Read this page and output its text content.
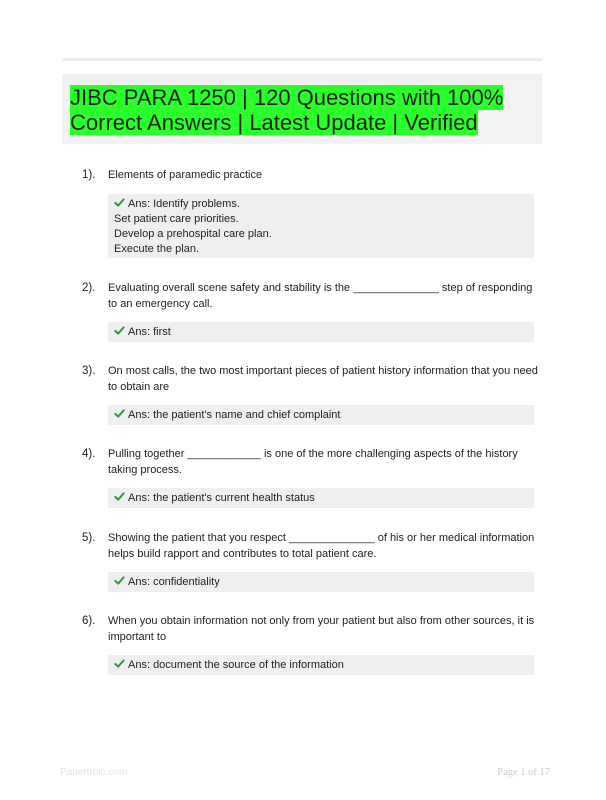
JIBC PARA 1250 | 120 Questions with 100% Correct Answers | Latest Update | Verified
1). Elements of paramedic practice
Ans: Identify problems.
Set patient care priorities.
Develop a prehospital care plan.
Execute the plan.
2). Evaluating overall scene safety and stability is the ______________ step of responding to an emergency call.
Ans: first
3). On most calls, the two most important pieces of patient history information that you need to obtain are
Ans: the patient's name and chief complaint
4). Pulling together ____________ is one of the more challenging aspects of the history taking process.
Ans: the patient's current health status
5). Showing the patient that you respect ______________ of his or her medical information helps build rapport and contributes to total patient care.
Ans: confidentiality
6). When you obtain information not only from your patient but also from other sources, it is important to
Ans: document the source of the information
Papertrbic.com	Page 1 of 17
